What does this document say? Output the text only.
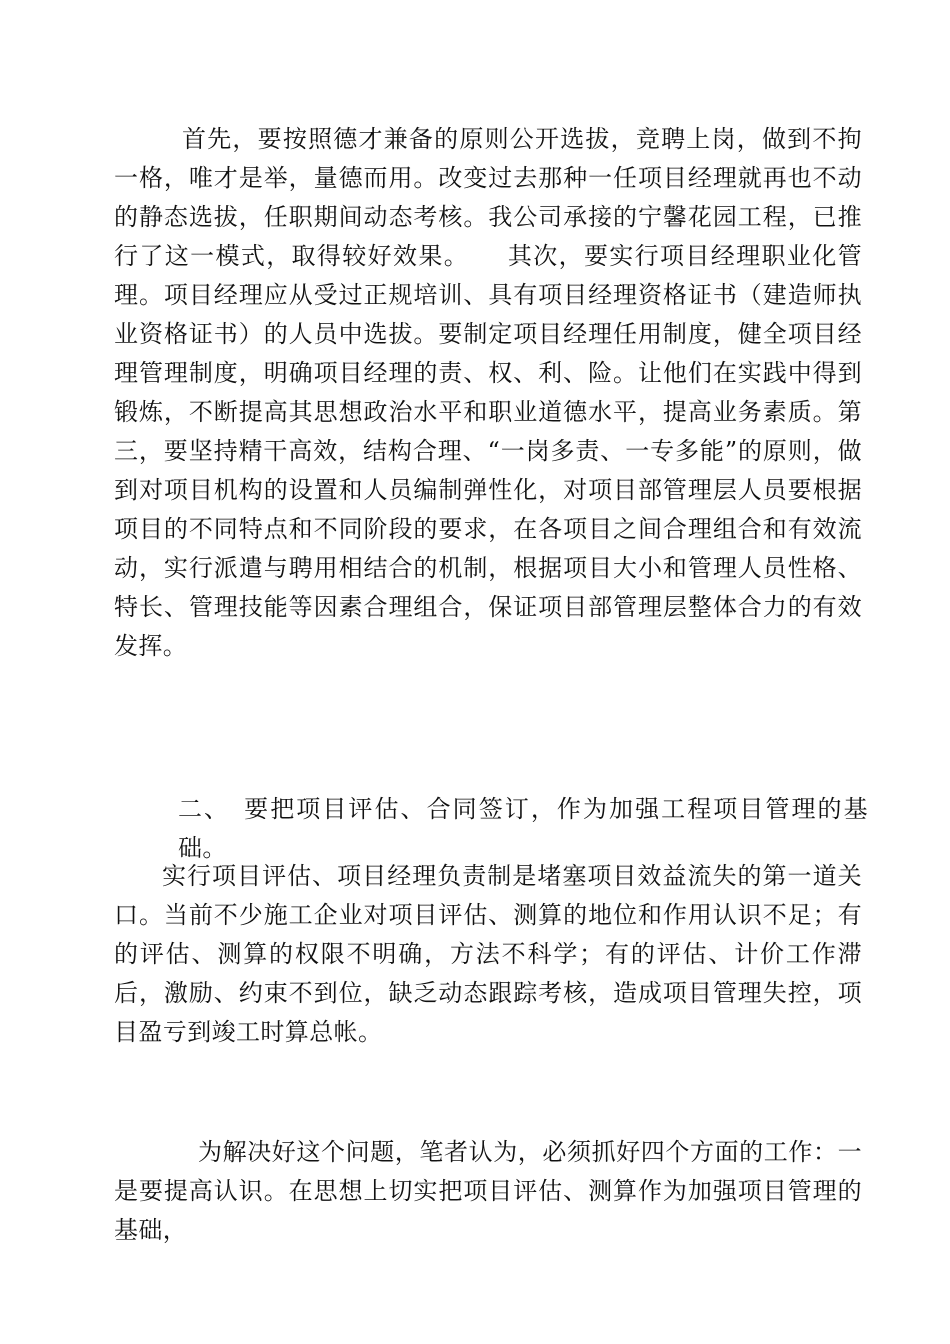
首先，要按照德才兼备的原则公开选拔，竞聘上岗，做到不拘一格，唯才是举，量德而用。改变过去那种一任项目经理就再也不动的静态选拔，任职期间动态考核。我公司承接的宁馨花园工程，已推行了这一模式，取得较好效果。　　其次，要实行项目经理职业化管理。项目经理应从受过正规培训、具有项目经理资格证书（建造师执业资格证书）的人员中选拔。要制定项目经理任用制度，健全项目经理管理制度，明确项目经理的责、权、利、险。让他们在实践中得到锻炼，不断提高其思想政治水平和职业道德水平，提高业务素质。第三，要坚持精干高效，结构合理、“一岗多责、一专多能”的原则，做到对项目机构的设置和人员编制弹性化，对项目部管理层人员要根据项目的不同特点和不同阶段的要求，在各项目之间合理组合和有效流动，实行派遣与聘用相结合的机制，根据项目大小和管理人员性格、特长、管理技能等因素合理组合，保证项目部管理层整体合力的有效发挥。

二、　要把项目评估、合同签订，作为加强工程项目管理的基础。

实行项目评估、项目经理负责制是堵塞项目效益流失的第一道关口。当前不少施工企业对项目评估、测算的地位和作用认识不足；有的评估、测算的权限不明确，方法不科学；有的评估、计价工作滞后，激励、约束不到位，缺乏动态跟踪考核，造成项目管理失控，项目盈亏到竣工时算总帐。

为解决好这个问题，笔者认为，必须抓好四个方面的工作：一是要提高认识。在思想上切实把项目评估、测算作为加强项目管理的基础，
